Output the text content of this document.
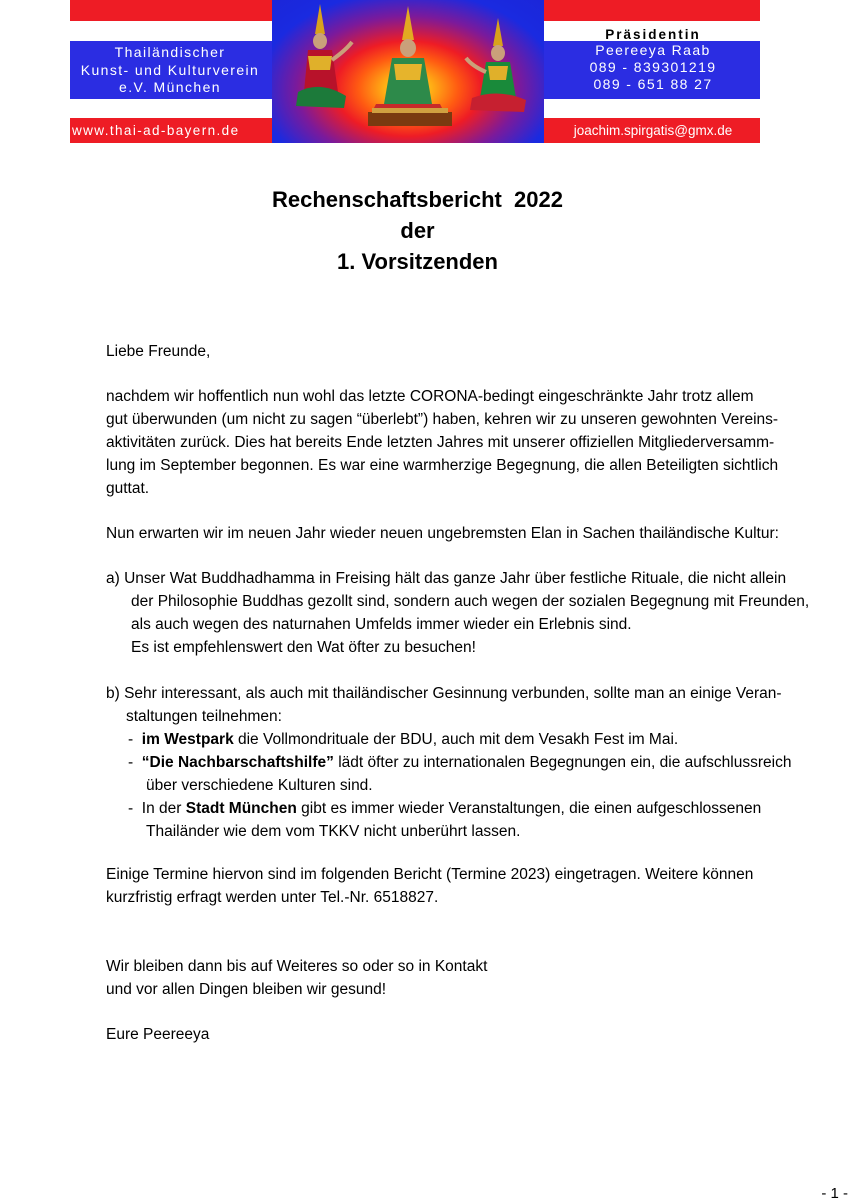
Thailändischer
Kunst- und Kulturverein
e.V. München
www.thai-ad-bayern.de
Präsidentin
Peereeya Raab
089 - 839301219
089 - 651 88 27
joachim.spirgatis@gmx.de
Rechenschaftsbericht  2022
der
1. Vorsitzenden
Liebe Freunde,
nachdem wir hoffentlich nun wohl das letzte CORONA-bedingt eingeschränkte Jahr trotz allem
gut überwunden (um nicht zu sagen “überlebt”) haben, kehren wir zu unseren gewohnten Vereins-
aktivitäten zurück. Dies hat bereits Ende letzten Jahres mit unserer offiziellen Mitgliederversamm-
lung im September begonnen. Es war eine warmherzige Begegnung, die allen Beteiligten sichtlich
guttat.
Nun erwarten wir im neuen Jahr wieder neuen ungebremsten Elan in Sachen thailändische Kultur:
a) Unser Wat Buddhadhamma in Freising hält das ganze Jahr über festliche Rituale, die nicht allein
der Philosophie Buddhas gezollt sind, sondern auch wegen der sozialen Begegnung mit Freunden,
als auch wegen des naturnahen Umfelds immer wieder ein Erlebnis sind.
Es ist empfehlenswert den Wat öfter zu besuchen!
b) Sehr interessant, als auch mit thailändischer Gesinnung verbunden, sollte man an einige Veran-
staltungen teilnehmen:
- im Westpark die Vollmondrituale der BDU, auch mit dem Vesakh Fest im Mai.
- “Die Nachbarschaftshilfe” lädt öfter zu internationalen Begegnungen ein, die aufschlussreich
über verschiedene Kulturen sind.
- In der Stadt München gibt es immer wieder Veranstaltungen, die einen aufgeschlossenen
Thailänder wie dem vom TKKV nicht unberührt lassen.
Einige Termine hiervon sind im folgenden Bericht (Termine 2023) eingetragen. Weitere können
kurzfristig erfragt werden unter Tel.-Nr. 6518827.
Wir bleiben dann bis auf Weiteres so oder so in Kontakt
und vor allen Dingen bleiben wir gesund!
Eure Peereeya
- 1 -
